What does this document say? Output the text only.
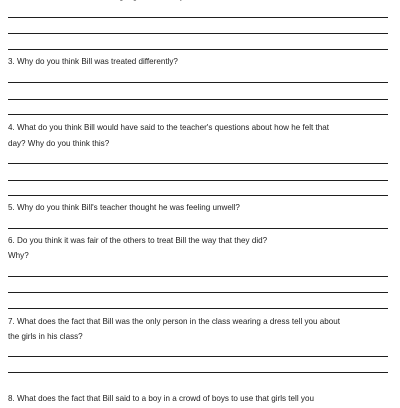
3. Why do you think Bill was treated differently?
4. What do you think Bill would have said to the teacher's questions about how he felt that
day? Why do you think this?
5. Why do you think Bill's teacher thought he was feeling unwell?
6. Do you think it was fair of the others to treat Bill the way that they did?
Why?
7. What does the fact that Bill was the only person in the class wearing a dress tell you about
the girls in his class?
8. What does the fact that Bill said to a boy in a crowd of boys to use that girls tell you
